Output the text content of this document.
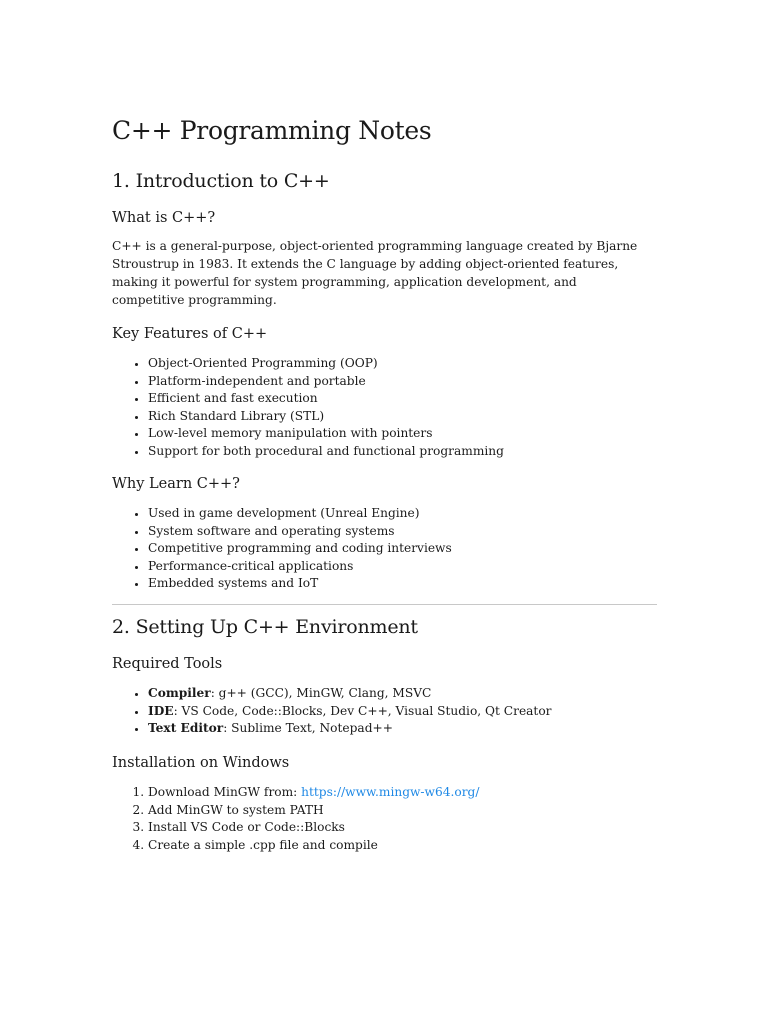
C++ Programming Notes
1. Introduction to C++
What is C++?

C++ is a general-purpose, object-oriented programming language created by Bjarne Stroustrup in 1983. It extends the C language by adding object-oriented features, making it powerful for system programming, application development, and competitive programming.

Key Features of C++
• Object-Oriented Programming (OOP)
• Platform-independent and portable
• Efficient and fast execution
• Rich Standard Library (STL)
• Low-level memory manipulation with pointers
• Support for both procedural and functional programming
Why Learn C++?
• Used in game development (Unreal Engine)
• System software and operating systems
• Competitive programming and coding interviews
• Performance-critical applications
• Embedded systems and IoT
2. Setting Up C++ Environment
Required Tools
• Compiler: g++ (GCC), MinGW, Clang, MSVC
• IDE: VS Code, Code::Blocks, Dev C++, Visual Studio, Qt Creator
• Text Editor: Sublime Text, Notepad++
Installation on Windows
1. Download MinGW from: https://www.mingw-w64.org/
2. Add MinGW to system PATH
3. Install VS Code or Code::Blocks
4. Create a simple .cpp file and compile
